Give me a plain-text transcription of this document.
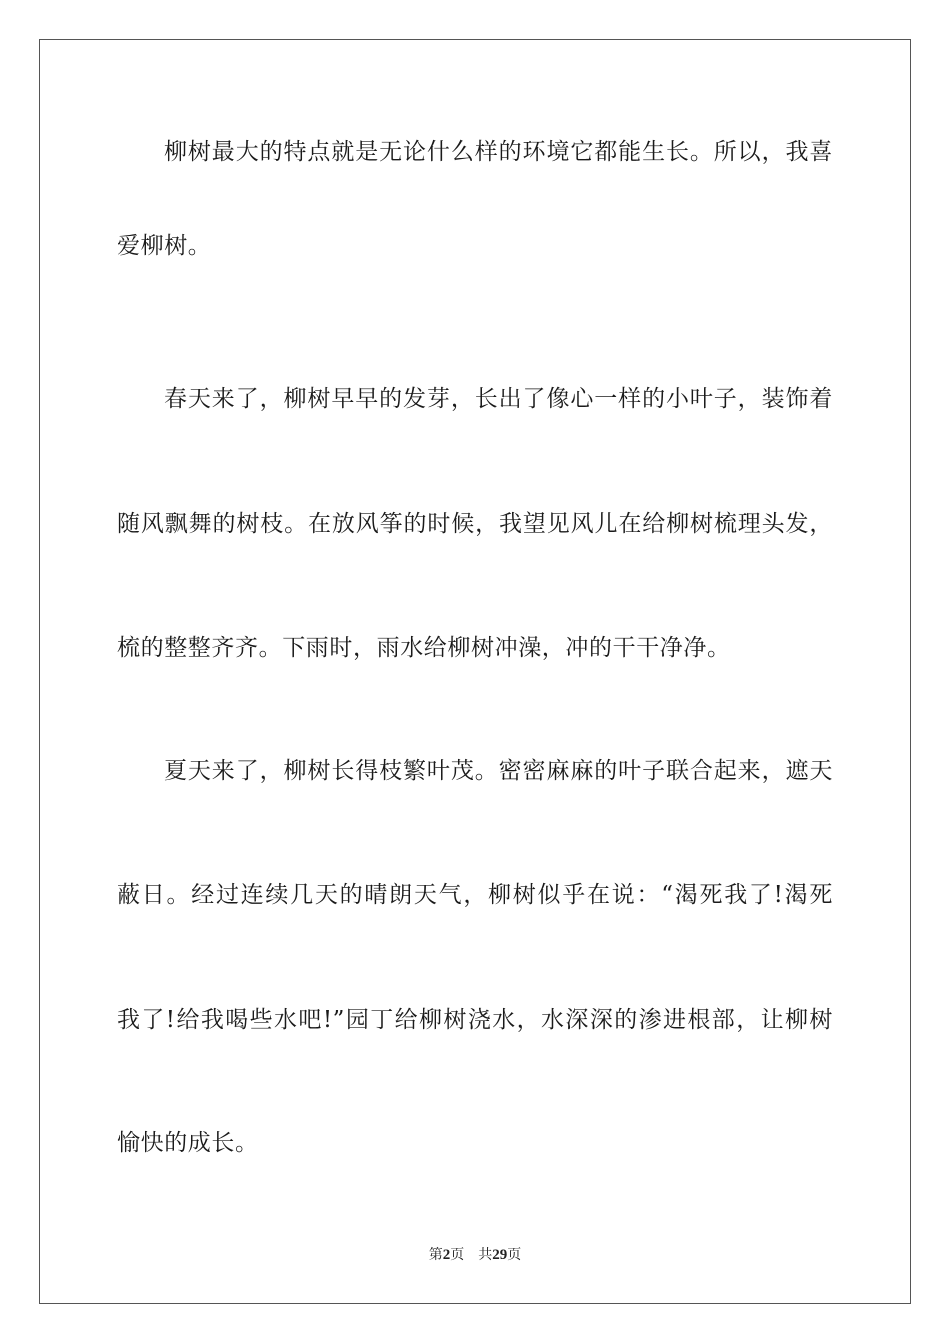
柳树最大的特点就是无论什么样的环境它都能生长。所以，我喜
爱柳树。
春天来了，柳树早早的发芽，长出了像心一样的小叶子，装饰着
随风飘舞的树枝。在放风筝的时候，我望见风儿在给柳树梳理头发，
梳的整整齐齐。下雨时，雨水给柳树冲澡，冲的干干净净。
夏天来了，柳树长得枝繁叶茂。密密麻麻的叶子联合起来，遮天
蔽日。经过连续几天的晴朗天气，柳树似乎在说：“渴死我了!渴死
我了!给我喝些水吧!”园丁给柳树浇水，水深深的渗进根部，让柳树
愉快的成长。
第2页 共29页
